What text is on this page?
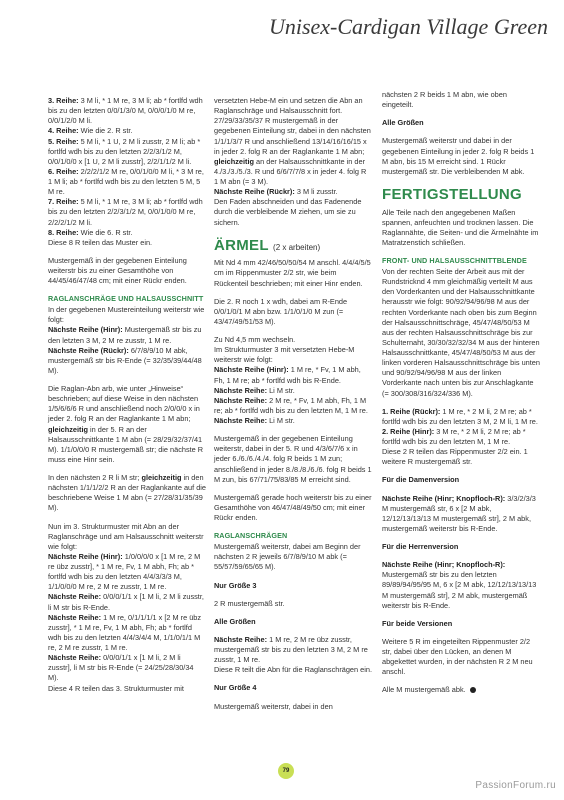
Unisex-Cardigan Village Green

3. Reihe: 3 M li, * 1 M re, 3 M li; ab * fortlfd wdh bis zu den letzten 0/0/1/3/0 M, 0/0/0/1/0 M re, 0/0/1/2/0 M li.
4. Reihe: Wie die 2. R str.
5. Reihe: 5 M li, * 1 U, 2 M li zusstr, 2 M li; ab * fortlfd wdh bis zu den letzten 2/2/3/1/2 M, 0/0/1/0/0 x [1 U, 2 M li zusstr], 2/2/1/1/2 M li.
6. Reihe: 2/2/2/1/2 M re, 0/0/1/0/0 M li, * 3 M re, 1 M li; ab * fortlfd wdh bis zu den letzten 5 M, 5 M re.
7. Reihe: 5 M li, * 1 M re, 3 M li; ab * fortlfd wdh bis zu den letzten 2/2/3/1/2 M, 0/0/1/0/0 M re, 2/2/2/1/2 M li.
8. Reihe: Wie die 6. R str.
Diese 8 R teilen das Muster ein.

Mustergemäß in der gegebenen Einteilung weiterstr bis zu einer Gesamthöhe von 44/45/46/47/48 cm; mit einer Rückr enden.

RAGLANSCHRÄGE UND HALSAUSSCHNITT

In der gegebenen Mustereinteilung weiterstr wie folgt:
Nächste Reihe (Hinr): Mustergemäß str bis zu den letzten 3 M, 2 M re zusstr, 1 M re.
Nächste Reihe (Rückr): 6/7/8/9/10 M abk, mustergemäß str bis R-Ende (= 32/35/39/44/48 M).

Die Raglan-Abn arb, wie unter „Hinweise“ beschrieben; auf diese Weise in den nächsten 1/5/6/6/6 R und anschließend noch 2/0/0/0 x in jeder 2. folg R an der Raglankante 1 M abn; gleichzeitig in der 5. R an der Halsausschnittkante 1 M abn (= 28/29/32/37/41 M). 1/1/0/0/0 R mustergemäß str; die nächste R muss eine Hinr sein.

In den nächsten 2 R li M str; gleichzeitig in den nächsten 1/1/1/2/2 R an der Raglankante auf die beschriebene Weise 1 M abn (= 27/28/31/35/39 M).

Nun im 3. Strukturmuster mit Abn an der Raglanschräge und am Halsausschnitt weiterstr wie folgt:
Nächste Reihe (Hinr): 1/0/0/0/0 x [1 M re, 2 M re übz zusstr], * 1 M re, Fv, 1 M abh, Fh; ab * fortlfd wdh bis zu den letzten 4/4/3/3/3 M, 1/1/0/0/0 M re, 2 M re zusstr, 1 M re.
Nächste Reihe: 0/0/0/1/1 x [1 M li, 2 M li zusstr, li M str bis R-Ende.
Nächste Reihe: 1 M re, 0/1/1/1/1 x [2 M re übz zusstr], * 1 M re, Fv, 1 M abh, Fh; ab * fortlfd wdh bis zu den letzten 4/4/3/4/4 M, 1/1/0/1/1 M re, 2 M re zusstr, 1 M re.
Nächste Reihe: 0/0/0/1/1 x [1 M li, 2 M li zusstr], li M str bis R-Ende (= 24/25/28/30/34 M).
Diese 4 R teilen das 3. Strukturmuster mit

versetzten Hebe-M ein und setzen die Abn an Raglanschräge und Halsausschnitt fort. 27/29/33/35/37 R mustergemäß in der gegebenen Einteilung str, dabei in den nächsten 1/1/1/3/7 R und anschließend 13/14/16/16/15 x in jeder 2. folg R an der Raglankante 1 M abn; gleichzeitig an der Halsausschnittkante in der 4./3./3./5./3. R und 6/6/7/7/8 x in jeder 4. folg R 1 M abn (= 3 M).
Nächste Reihe (Rückr): 3 M li zusstr.
Den Faden abschneiden und das Fadenende durch die verbleibende M ziehen, um sie zu sichern.

ÄRMEL (2 x arbeiten)

Mit Nd 4 mm 42/46/50/50/54 M anschl. 4/4/4/5/5 cm im Rippenmuster 2/2 str, wie beim Rückenteil beschrieben; mit einer Hinr enden.

Die 2. R noch 1 x wdh, dabei am R-Ende 0/0/1/0/1 M abn bzw. 1/1/0/1/0 M zun (= 43/47/49/51/53 M).

Zu Nd 4,5 mm wechseln.
Im Strukturmuster 3 mit versetzten Hebe-M weiterstr wie folgt:
Nächste Reihe (Hinr): 1 M re, * Fv, 1 M abh, Fh, 1 M re; ab * fortlfd wdh bis R-Ende.
Nächste Reihe: Li M str.
Nächste Reihe: 2 M re, * Fv, 1 M abh, Fh, 1 M re; ab * fortlfd wdh bis zu den letzten M, 1 M re.
Nächste Reihe: Li M str.

Mustergemäß in der gegebenen Einteilung weiterstr, dabei in der 5. R und 4/3/6/7/6 x in jeder 6./6./6./4./4. folg R beids 1 M zun; anschließend in jeder 8./8./8./6./6. folg R beids 1 M zun, bis 67/71/75/83/85 M erreicht sind.

Mustergemäß gerade hoch weiterstr bis zu einer Gesamthöhe von 46/47/48/49/50 cm; mit einer Rückr enden.

RAGLANSCHRÄGEN

Mustergemäß weiterstr, dabei am Beginn der nächsten 2 R jeweils 6/7/8/9/10 M abk (= 55/57/59/65/65 M).

Nur Größe 3

2 R mustergemäß str.

Alle Größen

Nächste Reihe: 1 M re, 2 M re übz zusstr, mustergemäß str bis zu den letzten 3 M, 2 M re zusstr, 1 M re.
Diese R teilt die Abn für die Raglanschrägen ein.

Nur Größe 4

Mustergemäß weiterstr, dabei in den

nächsten 2 R beids 1 M abn, wie oben eingeteilt.

Alle Größen

Mustergemäß weiterstr und dabei in der gegebenen Einteilung in jeder 2. folg R beids 1 M abn, bis 15 M erreicht sind. 1 Rückr mustergemäß str. Die verbleibenden M abk.

FERTIGSTELLUNG

Alle Teile nach den angegebenen Maßen spannen, anfeuchten und trocknen lassen. Die Raglannähte, die Seiten- und die Ärmelnähte im Matratzenstich schließen.

FRONT- UND HALSAUSSCHNITTBLENDE

Von der rechten Seite der Arbeit aus mit der Rundstricknd 4 mm gleichmäßig verteilt M aus den Vorderkanten und der Halsausschnittkante herausstr wie folgt: 90/92/94/96/98 M aus der rechten Vorderkante nach oben bis zum Beginn der Halsausschnittschräge, 45/47/48/50/53 M aus der rechten Halsausschnittschräge bis zur Schulternaht, 30/30/32/32/34 M aus der hinteren Halsausschnittkante, 45/47/48/50/53 M aus der linken vorderen Halsausschnittschräge bis unten und 90/92/94/96/98 M aus der linken Vorderkante nach unten bis zur Anschlagkante (= 300/308/316/324/336 M).

1. Reihe (Rückr): 1 M re, * 2 M li, 2 M re; ab * fortlfd wdh bis zu den letzten 3 M, 2 M li, 1 M re.
2. Reihe (Hinr): 3 M re, * 2 M li, 2 M re; ab * fortlfd wdh bis zu den letzten M, 1 M re.
Diese 2 R teilen das Rippenmuster 2/2 ein. 1 weitere R mustergemäß str.

Für die Damenversion

Nächste Reihe (Hinr; Knopfloch-R): 3/3/2/3/3 M mustergemäß str, 6 x [2 M abk, 12/12/13/13/13 M mustergemäß str], 2 M abk, mustergemäß weiterstr bis R-Ende.

Für die Herrenversion

Nächste Reihe (Hinr; Knopfloch-R): Mustergemäß str bis zu den letzten 89/89/94/95/95 M, 6 x [2 M abk, 12/12/13/13/13 M mustergemäß str], 2 M abk, mustergemäß weiterstr bis R-Ende.

Für beide Versionen

Weitere 5 R im eingeteilten Rippenmuster 2/2 str, dabei über den Lücken, an denen M abgekettet wurden, in der nächsten R 2 M neu anschl.

Alle M mustergemäß abk.

79
PassionForum.ru
